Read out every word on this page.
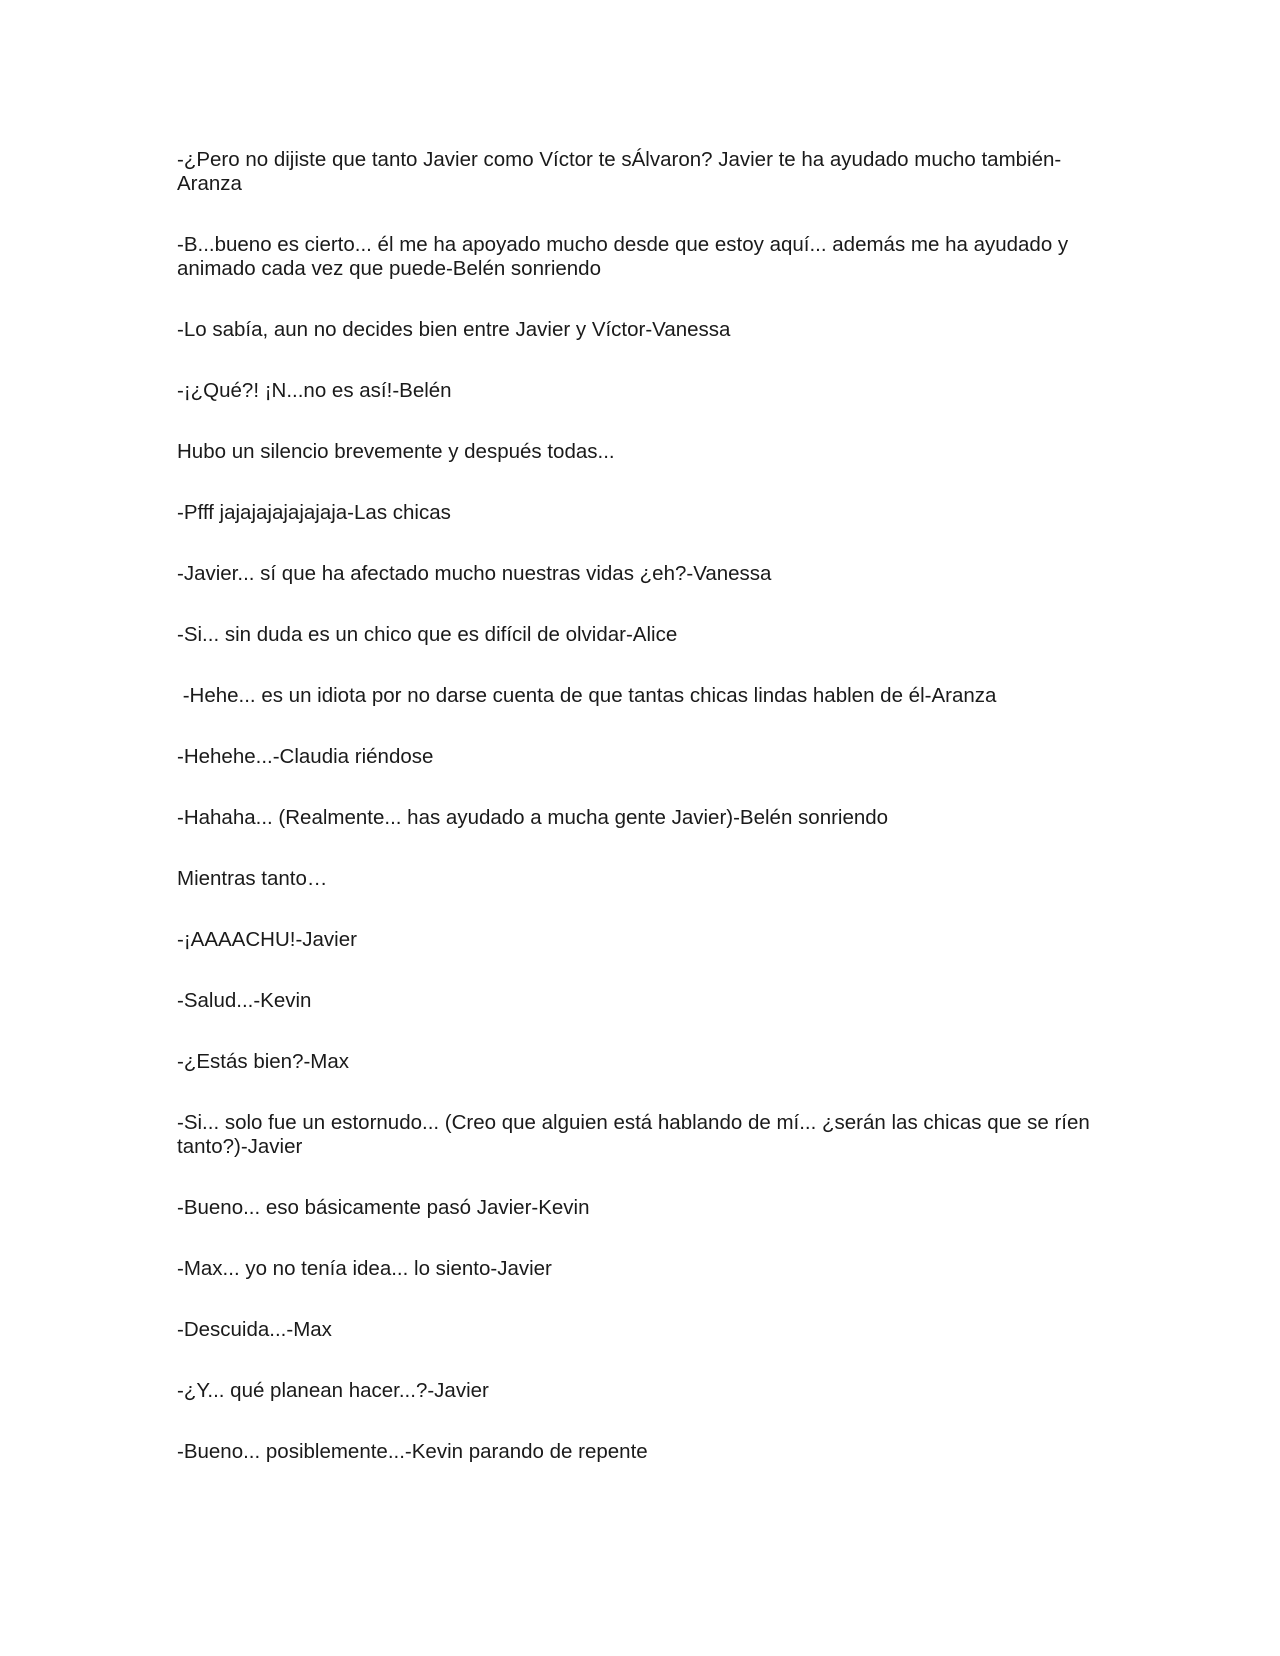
-¿Pero no dijiste que tanto Javier como Víctor te sÁlvaron? Javier te ha ayudado mucho también-Aranza

-B...bueno es cierto... él me ha apoyado mucho desde que estoy aquí... además me ha ayudado y animado cada vez que puede-Belén sonriendo

-Lo sabía, aun no decides bien entre Javier y Víctor-Vanessa

-¡¿Qué?! ¡N...no es así!-Belén

Hubo un silencio brevemente y después todas...

-Pfff jajajajajajajaja-Las chicas

-Javier... sí que ha afectado mucho nuestras vidas ¿eh?-Vanessa

-Si... sin duda es un chico que es difícil de olvidar-Alice

-Hehe... es un idiota por no darse cuenta de que tantas chicas lindas hablen de él-Aranza

-Hehehe...-Claudia riéndose

-Hahaha... (Realmente... has ayudado a mucha gente Javier)-Belén sonriendo

Mientras tanto…

-¡AAAACHU!-Javier

-Salud...-Kevin

-¿Estás bien?-Max

-Si... solo fue un estornudo... (Creo que alguien está hablando de mí... ¿serán las chicas que se ríen tanto?)-Javier

-Bueno... eso básicamente pasó Javier-Kevin

-Max... yo no tenía idea... lo siento-Javier

-Descuida...-Max

-¿Y... qué planean hacer...?-Javier

-Bueno... posiblemente...-Kevin parando de repente
